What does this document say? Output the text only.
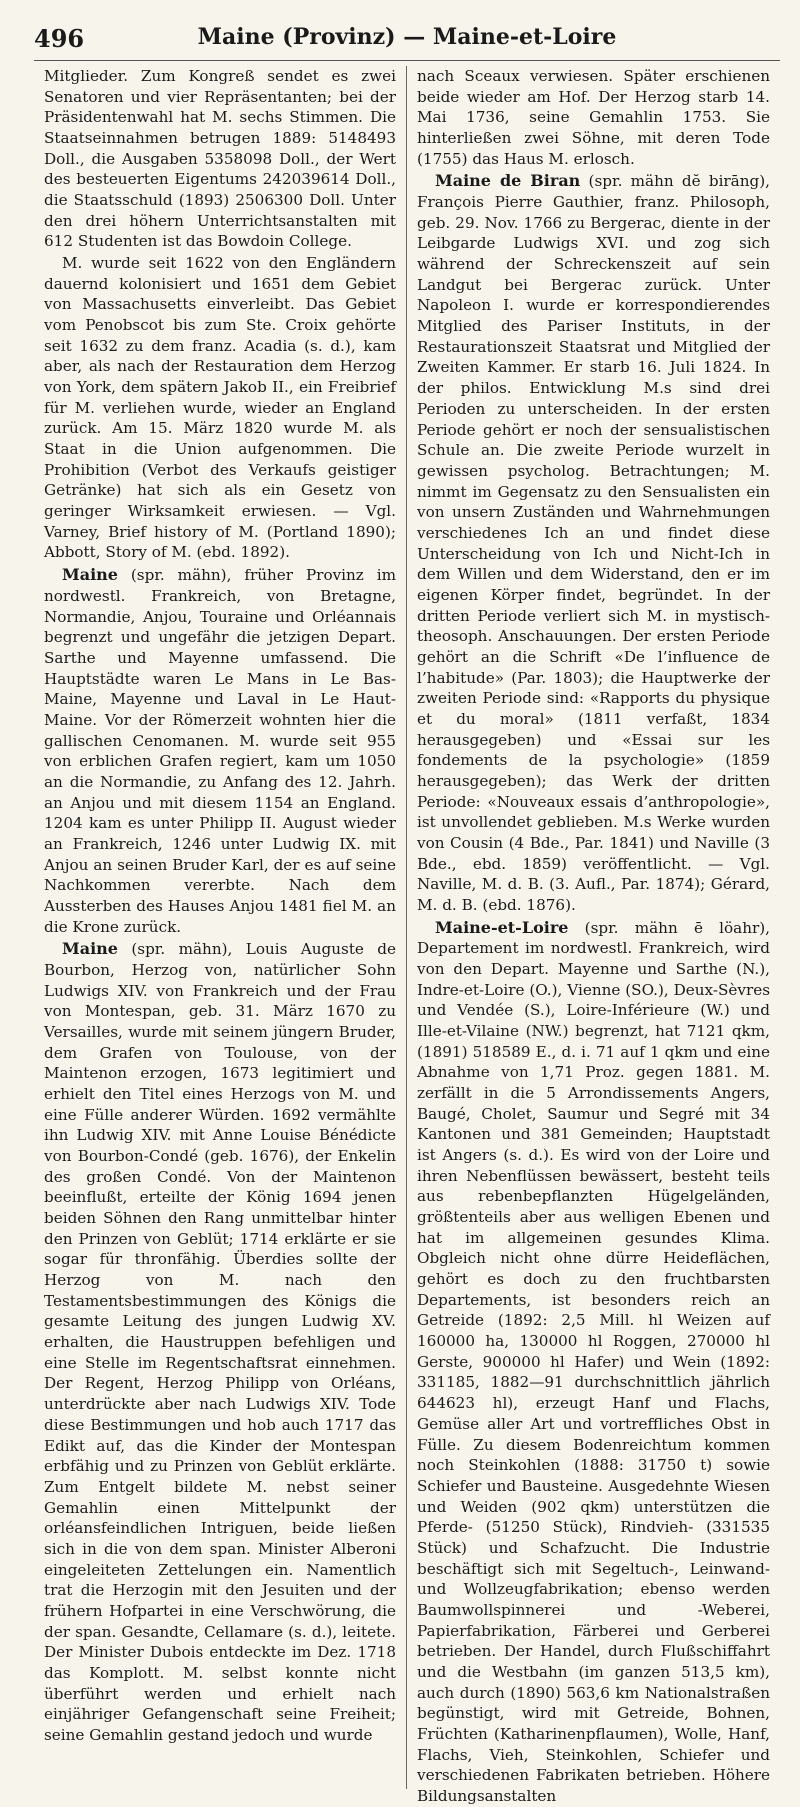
496	Maine (Provinz) — Maine-et-Loire

Mitglieder. Zum Kongreß sendet es zwei Senatoren und vier Repräsentanten; bei der Präsidentenwahl hat M. sechs Stimmen. Die Staatseinnahmen betrugen 1889: 5148493 Doll., die Ausgaben 5358098 Doll., der Wert des besteuerten Eigentums 242039614 Doll., die Staatsschuld (1893) 2506300 Doll. Unter den drei höhern Unterrichtsanstalten mit 612 Studenten ist das Bowdoin College.

M. wurde seit 1622 von den Engländern dauernd kolonisiert und 1651 dem Gebiet von Massachusetts einverleibt. Das Gebiet vom Penobscot bis zum Ste. Croix gehörte seit 1632 zu dem franz. Acadia (s. d.), kam aber, als nach der Restauration dem Herzog von York, dem spätern Jakob II., ein Freibrief für M. verliehen wurde, wieder an England zurück. Am 15. März 1820 wurde M. als Staat in die Union aufgenommen. Die Prohibition (Verbot des Verkaufs geistiger Getränke) hat sich als ein Gesetz von geringer Wirksamkeit erwiesen. — Vgl. Varney, Brief history of M. (Portland 1890); Abbott, Story of M. (ebd. 1892).

Maine (spr. mähn), früher Provinz im nordwestl. Frankreich, von Bretagne, Normandie, Anjou, Touraine und Orléannais begrenzt und ungefähr die jetzigen Depart. Sarthe und Mayenne umfassend. Die Hauptstädte waren Le Mans in Le Bas-Maine, Mayenne und Laval in Le Haut-Maine. Vor der Römerzeit wohnten hier die gallischen Cenomanen. M. wurde seit 955 von erblichen Grafen regiert, kam um 1050 an die Normandie, zu Anfang des 12. Jahrh. an Anjou und mit diesem 1154 an England. 1204 kam es unter Philipp II. August wieder an Frankreich, 1246 unter Ludwig IX. mit Anjou an seinen Bruder Karl, der es auf seine Nachkommen vererbte. Nach dem Aussterben des Hauses Anjou 1481 fiel M. an die Krone zurück.

Maine (spr. mähn), Louis Auguste de Bourbon, Herzog von, natürlicher Sohn Ludwigs XIV. von Frankreich und der Frau von Montespan, geb. 31. März 1670 zu Versailles, wurde mit seinem jüngern Bruder, dem Grafen von Toulouse, von der Maintenon erzogen, 1673 legitimiert und erhielt den Titel eines Herzogs von M. und eine Fülle anderer Würden. 1692 vermählte ihn Ludwig XIV. mit Anne Louise Bénédicte von Bourbon-Condé (geb. 1676), der Enkelin des großen Condé. Von der Maintenon beeinflußt, erteilte der König 1694 jenen beiden Söhnen den Rang unmittelbar hinter den Prinzen von Geblüt; 1714 erklärte er sie sogar für thronfähig. Überdies sollte der Herzog von M. nach den Testamentsbestimmungen des Königs die gesamte Leitung des jungen Ludwig XV. erhalten, die Haustruppen befehligen und eine Stelle im Regentschaftsrat einnehmen. Der Regent, Herzog Philipp von Orléans, unterdrückte aber nach Ludwigs XIV. Tode diese Bestimmungen und hob auch 1717 das Edikt auf, das die Kinder der Montespan erbfähig und zu Prinzen von Geblüt erklärte. Zum Entgelt bildete M. nebst seiner Gemahlin einen Mittelpunkt der orléansfeindlichen Intriguen, beide ließen sich in die von dem span. Minister Alberoni eingeleiteten Zettelungen ein. Namentlich trat die Herzogin mit den Jesuiten und der frühern Hofpartei in eine Verschwörung, die der span. Gesandte, Cellamare (s. d.), leitete. Der Minister Dubois entdeckte im Dez. 1718 das Komplott. M. selbst konnte nicht überführt werden und erhielt nach einjähriger Gefangenschaft seine Freiheit; seine Gemahlin gestand jedoch und wurde

nach Sceaux verwiesen. Später erschienen beide wieder am Hof. Der Herzog starb 14. Mai 1736, seine Gemahlin 1753. Sie hinterließen zwei Söhne, mit deren Tode (1755) das Haus M. erlosch.

Maine de Biran (spr. mähn dĕ birāng), François Pierre Gauthier, franz. Philosoph, geb. 29. Nov. 1766 zu Bergerac, diente in der Leibgarde Ludwigs XVI. und zog sich während der Schreckenszeit auf sein Landgut bei Bergerac zurück. Unter Napoleon I. wurde er korrespondierendes Mitglied des Pariser Instituts, in der Restaurationszeit Staatsrat und Mitglied der Zweiten Kammer. Er starb 16. Juli 1824. In der philos. Entwicklung M.s sind drei Perioden zu unterscheiden. In der ersten Periode gehört er noch der sensualistischen Schule an. Die zweite Periode wurzelt in gewissen psycholog. Betrachtungen; M. nimmt im Gegensatz zu den Sensualisten ein von unsern Zuständen und Wahrnehmungen verschiedenes Ich an und findet diese Unterscheidung von Ich und Nicht-Ich in dem Willen und dem Widerstand, den er im eigenen Körper findet, begründet. In der dritten Periode verliert sich M. in mystisch-theosoph. Anschauungen. Der ersten Periode gehört an die Schrift «De l’influence de l’habitude» (Par. 1803); die Hauptwerke der zweiten Periode sind: «Rapports du physique et du moral» (1811 verfaßt, 1834 herausgegeben) und «Essai sur les fondements de la psychologie» (1859 herausgegeben); das Werk der dritten Periode: «Nouveaux essais d’anthropologie», ist unvollendet geblieben. M.s Werke wurden von Cousin (4 Bde., Par. 1841) und Naville (3 Bde., ebd. 1859) veröffentlicht. — Vgl. Naville, M. d. B. (3. Aufl., Par. 1874); Gérard, M. d. B. (ebd. 1876).

Maine-et-Loire (spr. mähn ē löahr), Departement im nordwestl. Frankreich, wird von den Depart. Mayenne und Sarthe (N.), Indre-et-Loire (O.), Vienne (SO.), Deux-Sèvres und Vendée (S.), Loire-Inférieure (W.) und Ille-et-Vilaine (NW.) begrenzt, hat 7121 qkm, (1891) 518589 E., d. i. 71 auf 1 qkm und eine Abnahme von 1,71 Proz. gegen 1881. M. zerfällt in die 5 Arrondissements Angers, Baugé, Cholet, Saumur und Segré mit 34 Kantonen und 381 Gemeinden; Hauptstadt ist Angers (s. d.). Es wird von der Loire und ihren Nebenflüssen bewässert, besteht teils aus rebenbepflanzten Hügelgeländen, größtenteils aber aus welligen Ebenen und hat im allgemeinen gesundes Klima. Obgleich nicht ohne dürre Heideflächen, gehört es doch zu den fruchtbarsten Departements, ist besonders reich an Getreide (1892: 2,5 Mill. hl Weizen auf 160000 ha, 130000 hl Roggen, 270000 hl Gerste, 900000 hl Hafer) und Wein (1892: 331185, 1882—91 durchschnittlich jährlich 644623 hl), erzeugt Hanf und Flachs, Gemüse aller Art und vortreffliches Obst in Fülle. Zu diesem Bodenreichtum kommen noch Steinkohlen (1888: 31750 t) sowie Schiefer und Bausteine. Ausgedehnte Wiesen und Weiden (902 qkm) unterstützen die Pferde- (51250 Stück), Rindvieh- (331535 Stück) und Schafzucht. Die Industrie beschäftigt sich mit Segeltuch-, Leinwand- und Wollzeugfabrikation; ebenso werden Baumwollspinnerei und -Weberei, Papierfabrikation, Färberei und Gerberei betrieben. Der Handel, durch Flußschiffahrt und die Westbahn (im ganzen 513,5 km), auch durch (1890) 563,6 km Nationalstraßen begünstigt, wird mit Getreide, Bohnen, Früchten (Katharinenpflaumen), Wolle, Hanf, Flachs, Vieh, Steinkohlen, Schiefer und verschiedenen Fabrikaten betrieben. Höhere Bildungsanstalten
